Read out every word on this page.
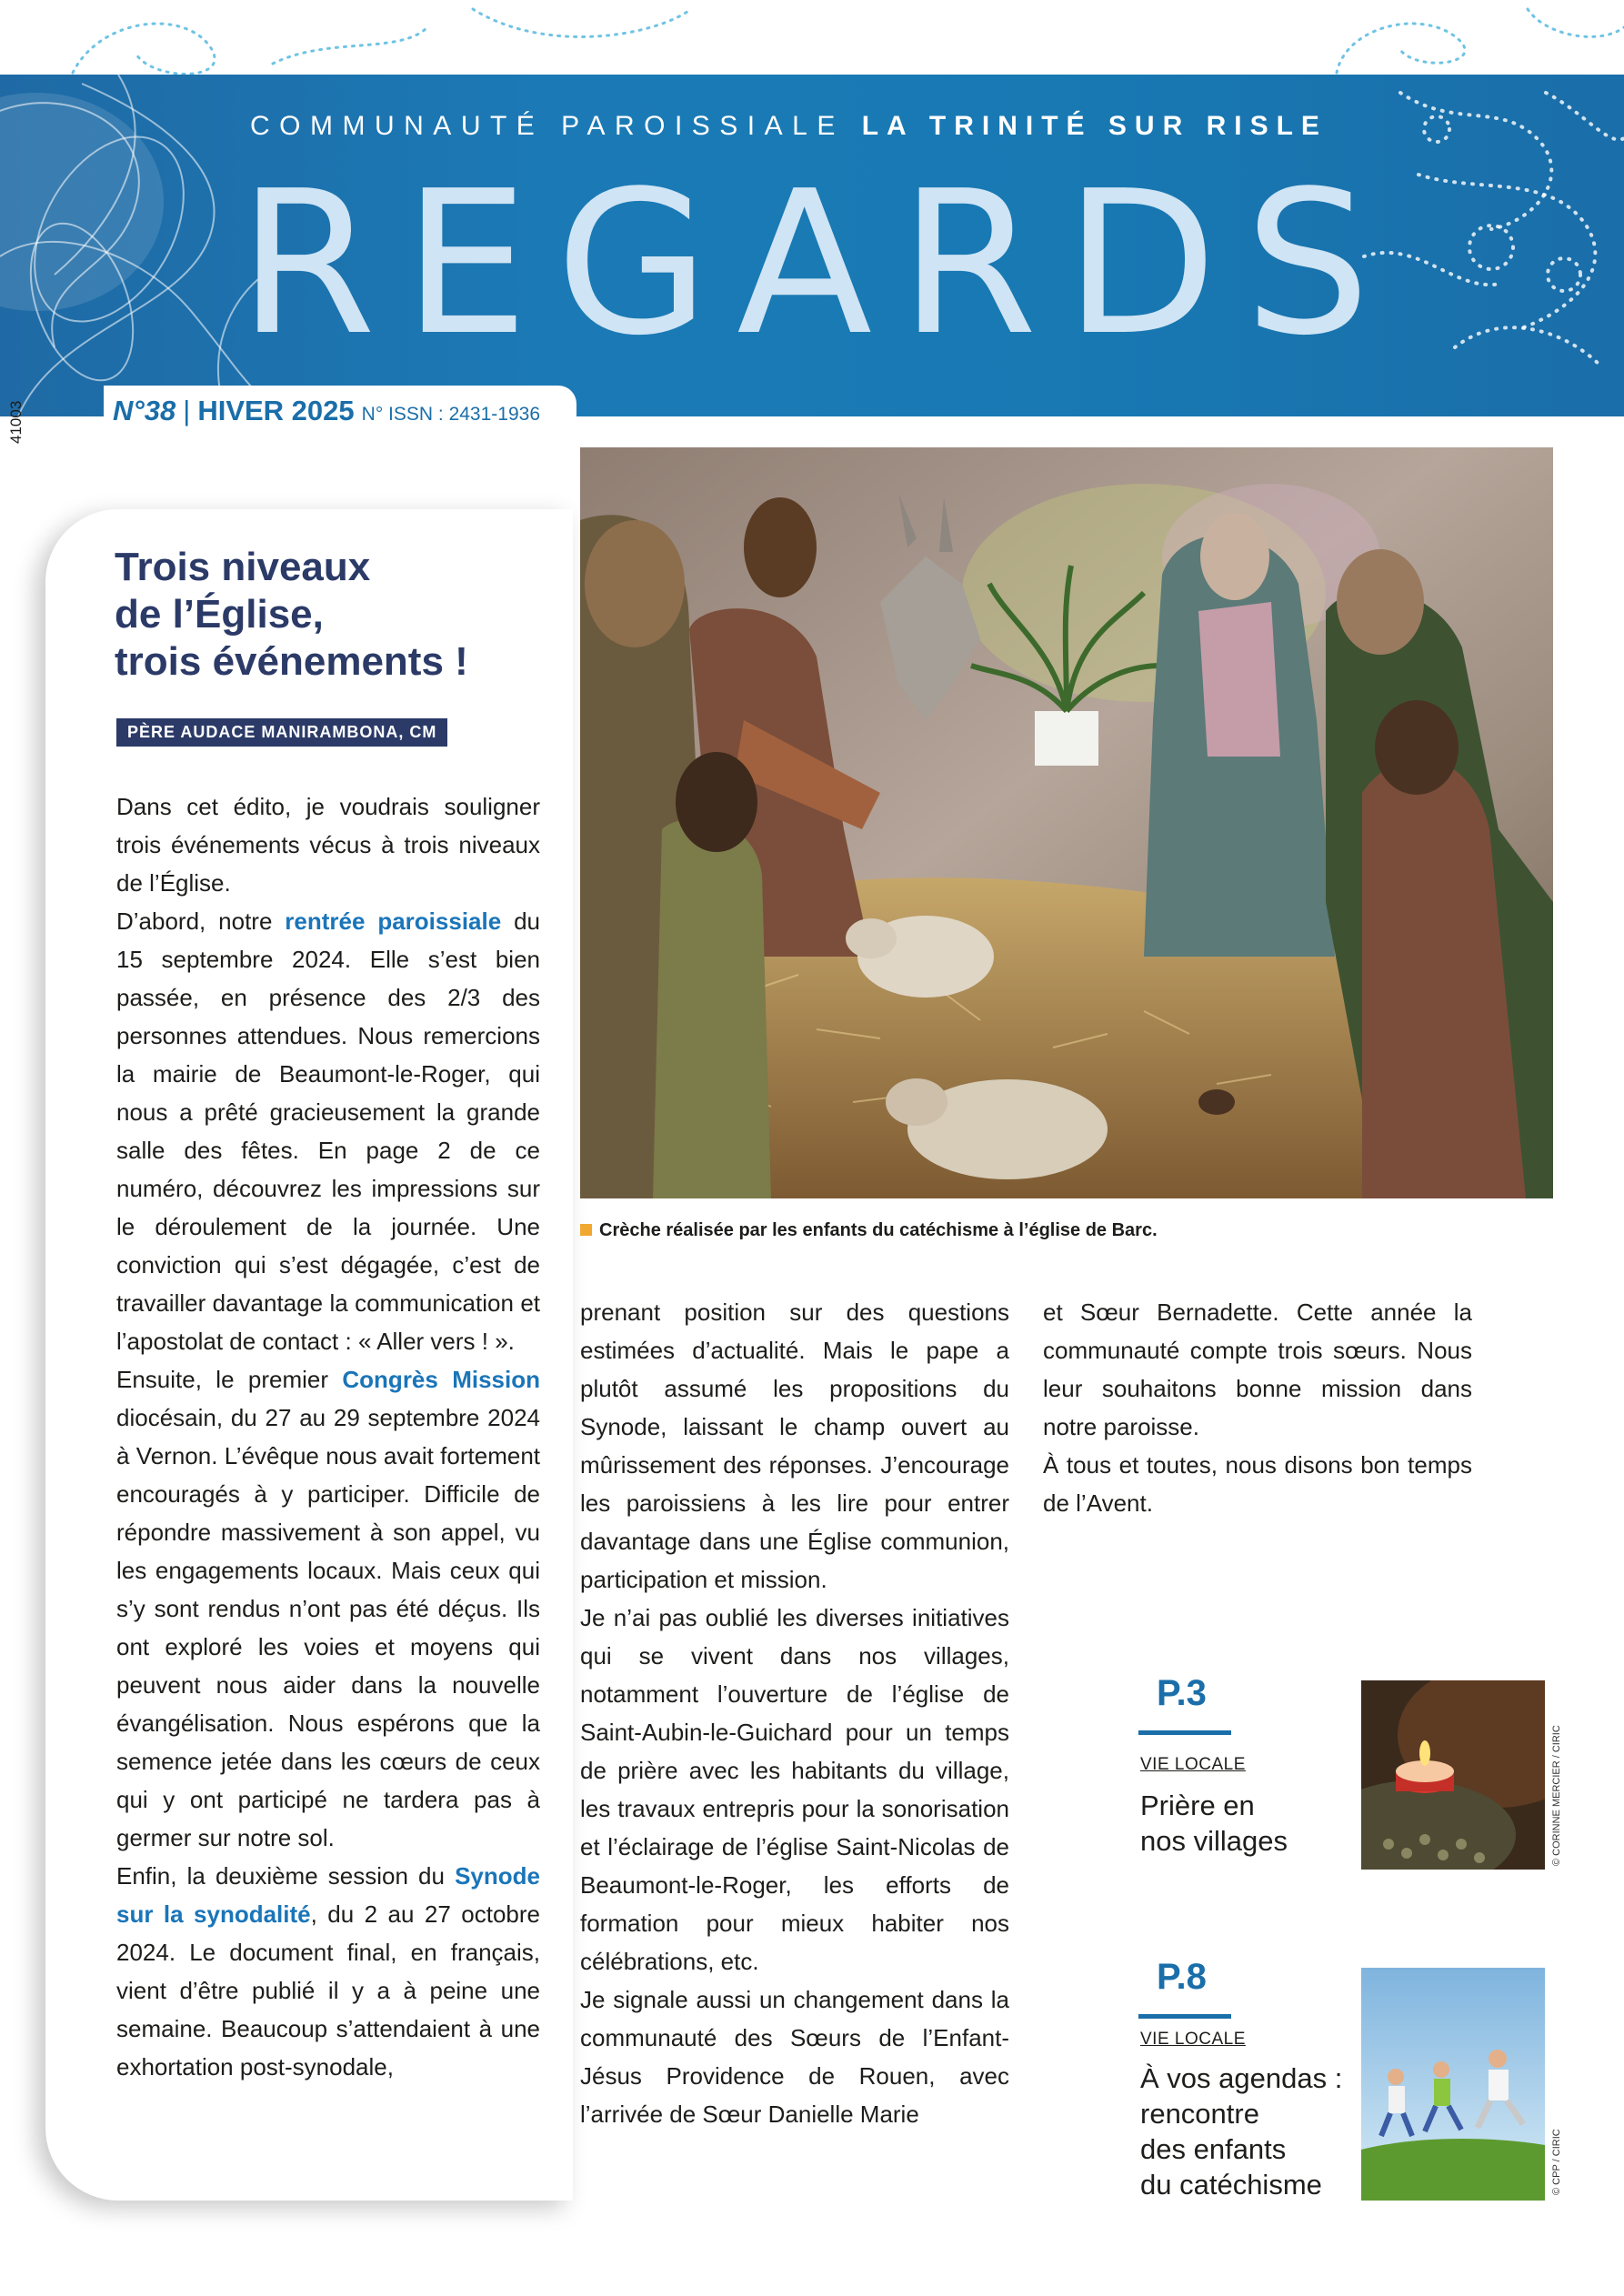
COMMUNAUTÉ PAROISSIALE LA TRINITÉ SUR RISLE
REGARDS
N°38 | HIVER 2025 N° ISSN : 2431-1936
41003
Trois niveaux
de l’Église,
trois événements !
PÈRE AUDACE MANIRAMBONA, CM

Dans cet édito, je voudrais souligner trois événements vécus à trois niveaux de l’Église.

D’abord, notre rentrée paroissiale du 15 septembre 2024. Elle s’est bien passée, en présence des 2/3 des personnes attendues. Nous remercions la mairie de Beaumont-le-Roger, qui nous a prêté gracieusement la grande salle des fêtes. En page 2 de ce numéro, découvrez les impressions sur le déroulement de la journée. Une conviction qui s’est dégagée, c’est de travailler davantage la communication et l’apostolat de contact : « Aller vers ! ».

Ensuite, le premier Congrès Mission diocésain, du 27 au 29 septembre 2024 à Vernon. L’évêque nous avait fortement encouragés à y participer. Difficile de répondre massivement à son appel, vu les engagements locaux. Mais ceux qui s’y sont rendus n’ont pas été déçus. Ils ont exploré les voies et moyens qui peuvent nous aider dans la nouvelle évangélisation. Nous espérons que la semence jetée dans les cœurs de ceux qui y ont participé ne tardera pas à germer sur notre sol.

Enfin, la deuxième session du Synode sur la synodalité, du 2 au 27 octobre 2024. Le document final, en français, vient d’être publié il y a à peine une semaine. Beaucoup s’attendaient à une exhortation post-synodale,

prenant position sur des questions estimées d’actualité. Mais le pape a plutôt assumé les propositions du Synode, laissant le champ ouvert au mûrissement des réponses. J’encourage les paroissiens à les lire pour entrer davantage dans une Église communion, participation et mission.

Je n’ai pas oublié les diverses initiatives qui se vivent dans nos villages, notamment l’ouverture de l’église de Saint-Aubin-le-Guichard pour un temps de prière avec les habitants du village, les travaux entrepris pour la sonorisation et l’éclairage de l’église Saint-Nicolas de Beaumont-le-Roger, les efforts de formation pour mieux habiter nos célébrations, etc.

Je signale aussi un changement dans la communauté des Sœurs de l’Enfant-Jésus Providence de Rouen, avec l’arrivée de Sœur Danielle Marie

et Sœur Bernadette. Cette année la communauté compte trois sœurs. Nous leur souhaitons bonne mission dans notre paroisse.

À tous et toutes, nous disons bon temps de l’Avent.

Crèche réalisée par les enfants du catéchisme à l’église de Barc.
P.3
VIE LOCALE
Prière en
nos villages	© CORINNE MERCIER / CIRIC
P.8
VIE LOCALE
À vos agendas :
rencontre
des enfants
du catéchisme	© CPP / CIRIC
